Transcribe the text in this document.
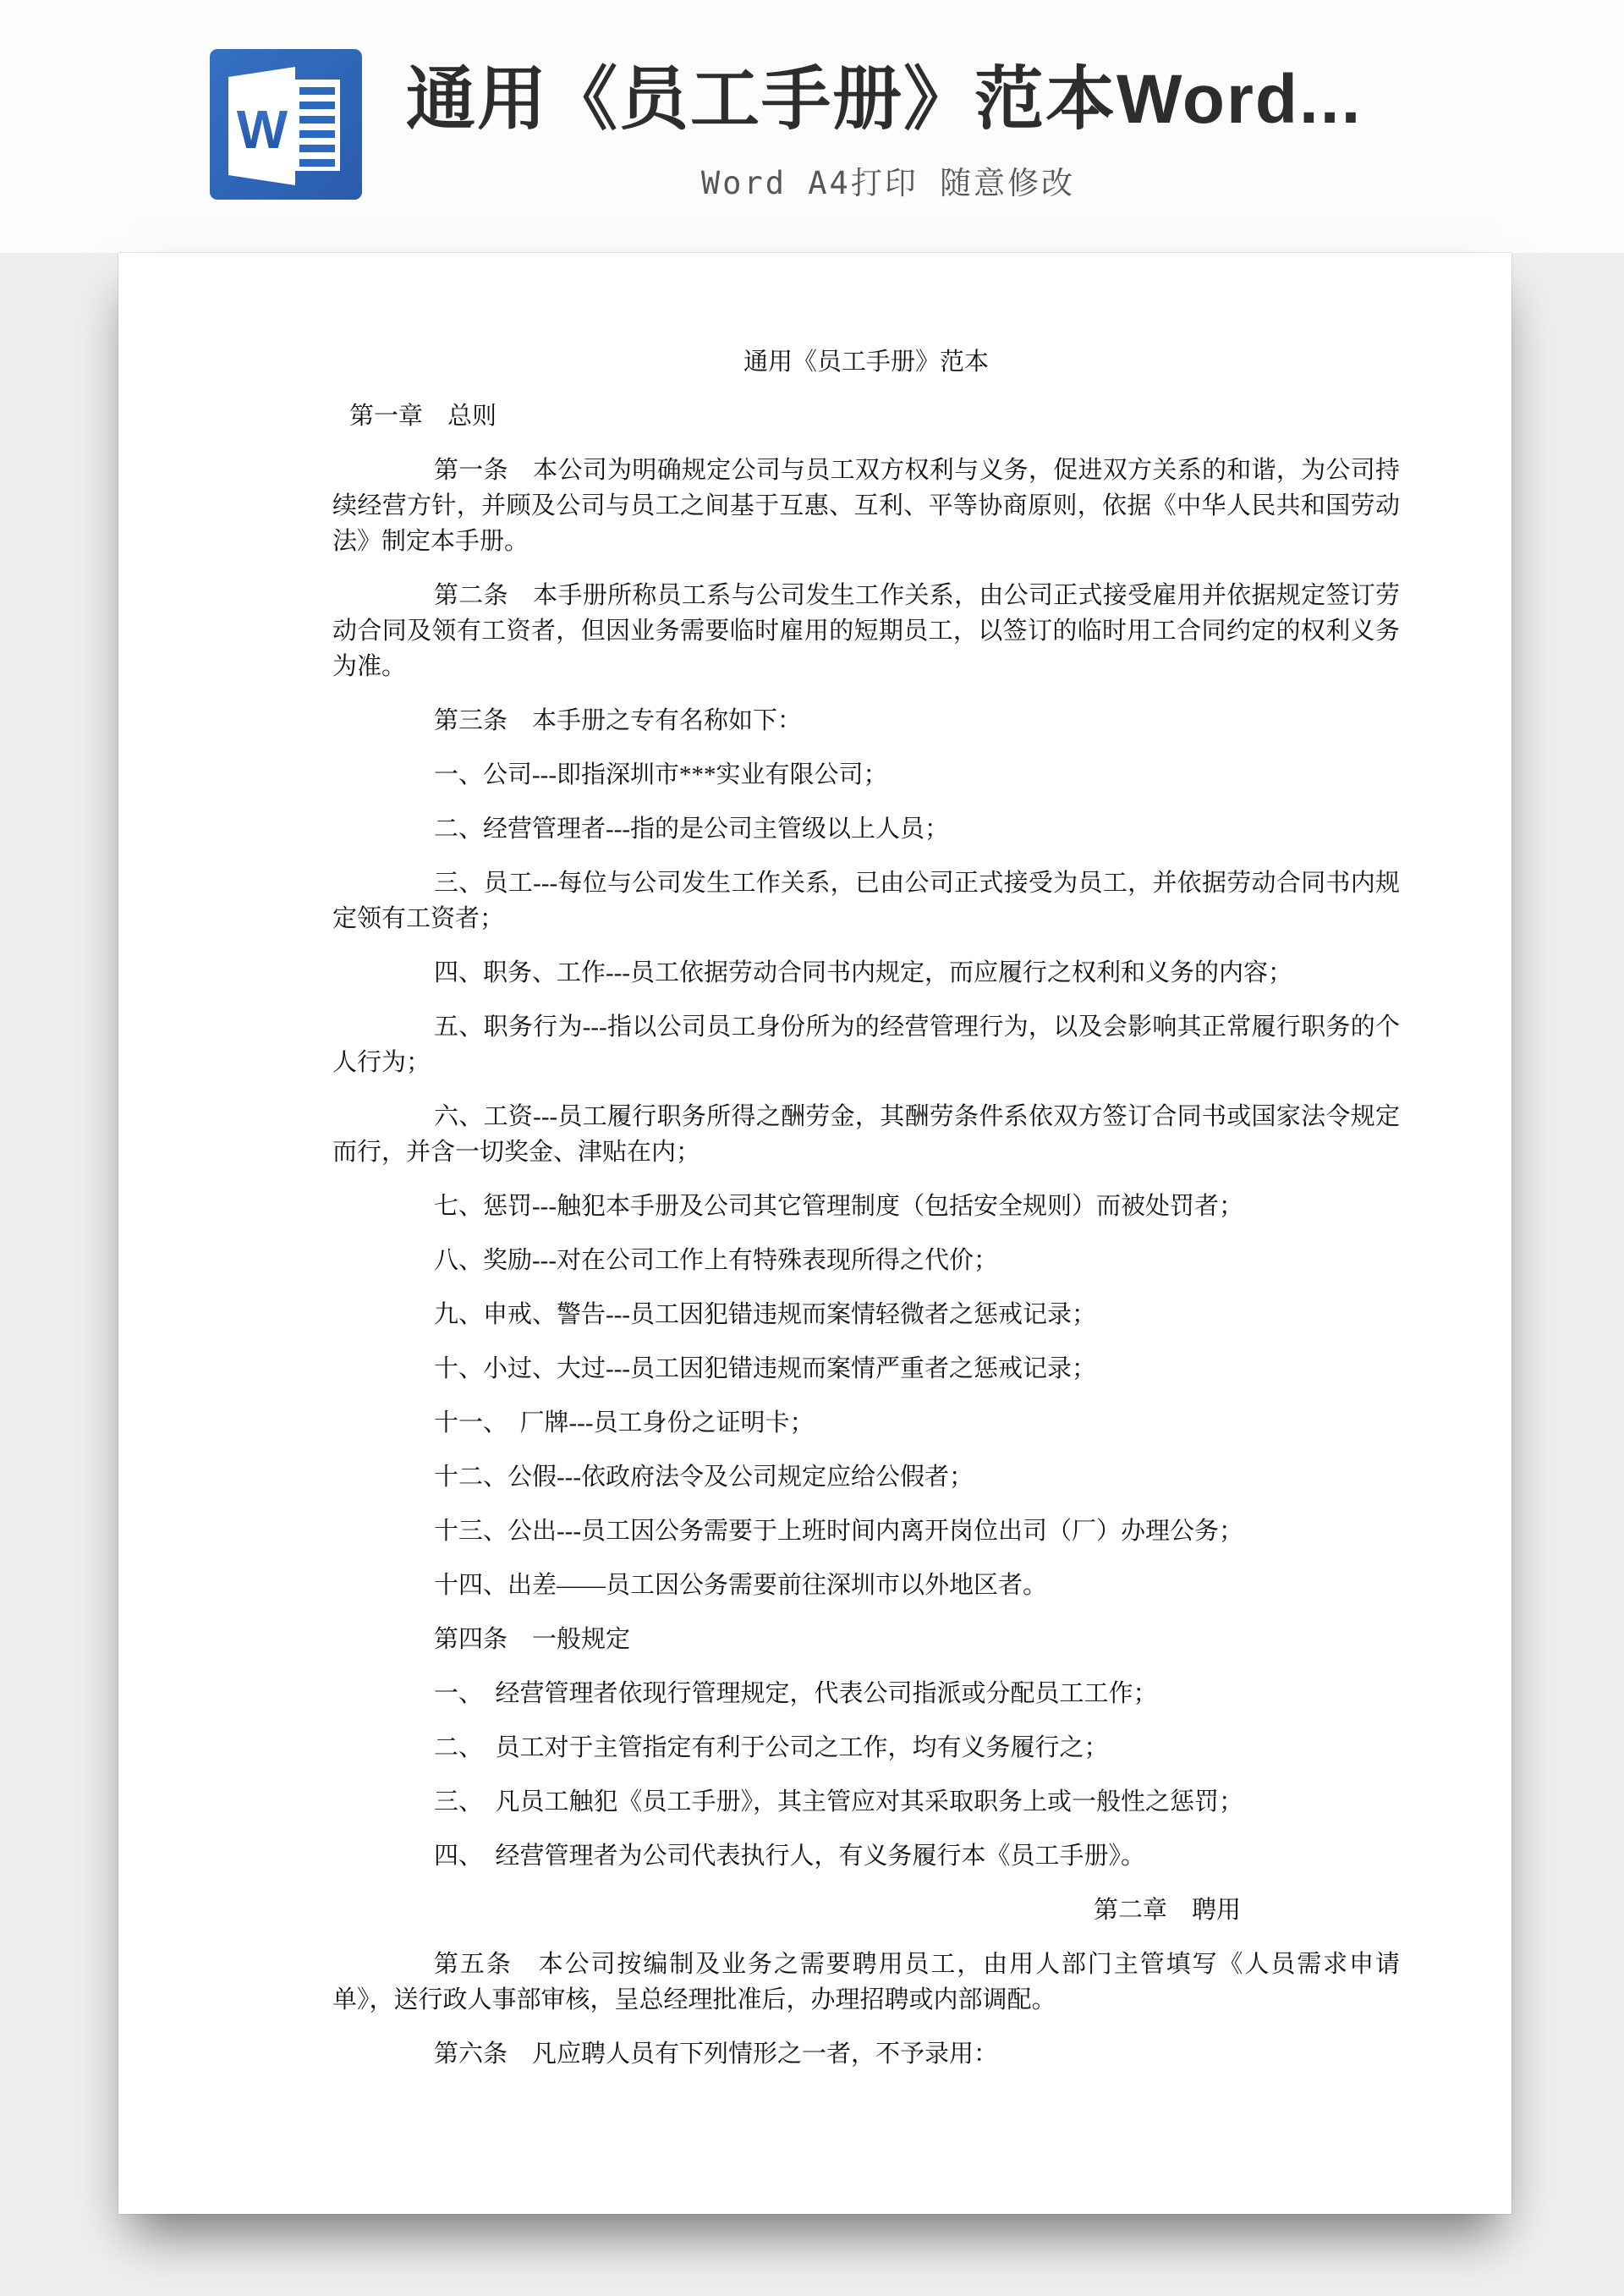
W 通用《员工手册》范本Word...
Word A4打印 随意修改

通用《员工手册》范本

第一章　总则

第一条　本公司为明确规定公司与员工双方权利与义务，促进双方关系的和谐，为公司持续经营方针，并顾及公司与员工之间基于互惠、互利、平等协商原则，依据《中华人民共和国劳动法》制定本手册。

第二条　本手册所称员工系与公司发生工作关系，由公司正式接受雇用并依据规定签订劳动合同及领有工资者，但因业务需要临时雇用的短期员工，以签订的临时用工合同约定的权利义务为准。

第三条　本手册之专有名称如下：

一、公司---即指深圳市***实业有限公司；

二、经营管理者---指的是公司主管级以上人员；

三、员工---每位与公司发生工作关系，已由公司正式接受为员工，并依据劳动合同书内规定领有工资者；

四、职务、工作---员工依据劳动合同书内规定，而应履行之权利和义务的内容；

五、职务行为---指以公司员工身份所为的经营管理行为，以及会影响其正常履行职务的个人行为；

六、工资---员工履行职务所得之酬劳金，其酬劳条件系依双方签订合同书或国家法令规定而行，并含一切奖金、津贴在内；

七、惩罚---触犯本手册及公司其它管理制度（包括安全规则）而被处罚者；

八、奖励---对在公司工作上有特殊表现所得之代价；

九、申戒、警告---员工因犯错违规而案情轻微者之惩戒记录；

十、小过、大过---员工因犯错违规而案情严重者之惩戒记录；

十一、　厂牌---员工身份之证明卡；

十二、公假---依政府法令及公司规定应给公假者；

十三、公出---员工因公务需要于上班时间内离开岗位出司（厂）办理公务；

十四、出差——员工因公务需要前往深圳市以外地区者。

第四条　一般规定

一、　经营管理者依现行管理规定，代表公司指派或分配员工工作；

二、　员工对于主管指定有利于公司之工作，均有义务履行之；

三、　凡员工触犯《员工手册》，其主管应对其采取职务上或一般性之惩罚；

四、　经营管理者为公司代表执行人，有义务履行本《员工手册》。

第二章　聘用

第五条　本公司按编制及业务之需要聘用员工，由用人部门主管填写《人员需求申请单》，送行政人事部审核，呈总经理批准后，办理招聘或内部调配。

第六条　凡应聘人员有下列情形之一者，不予录用：
